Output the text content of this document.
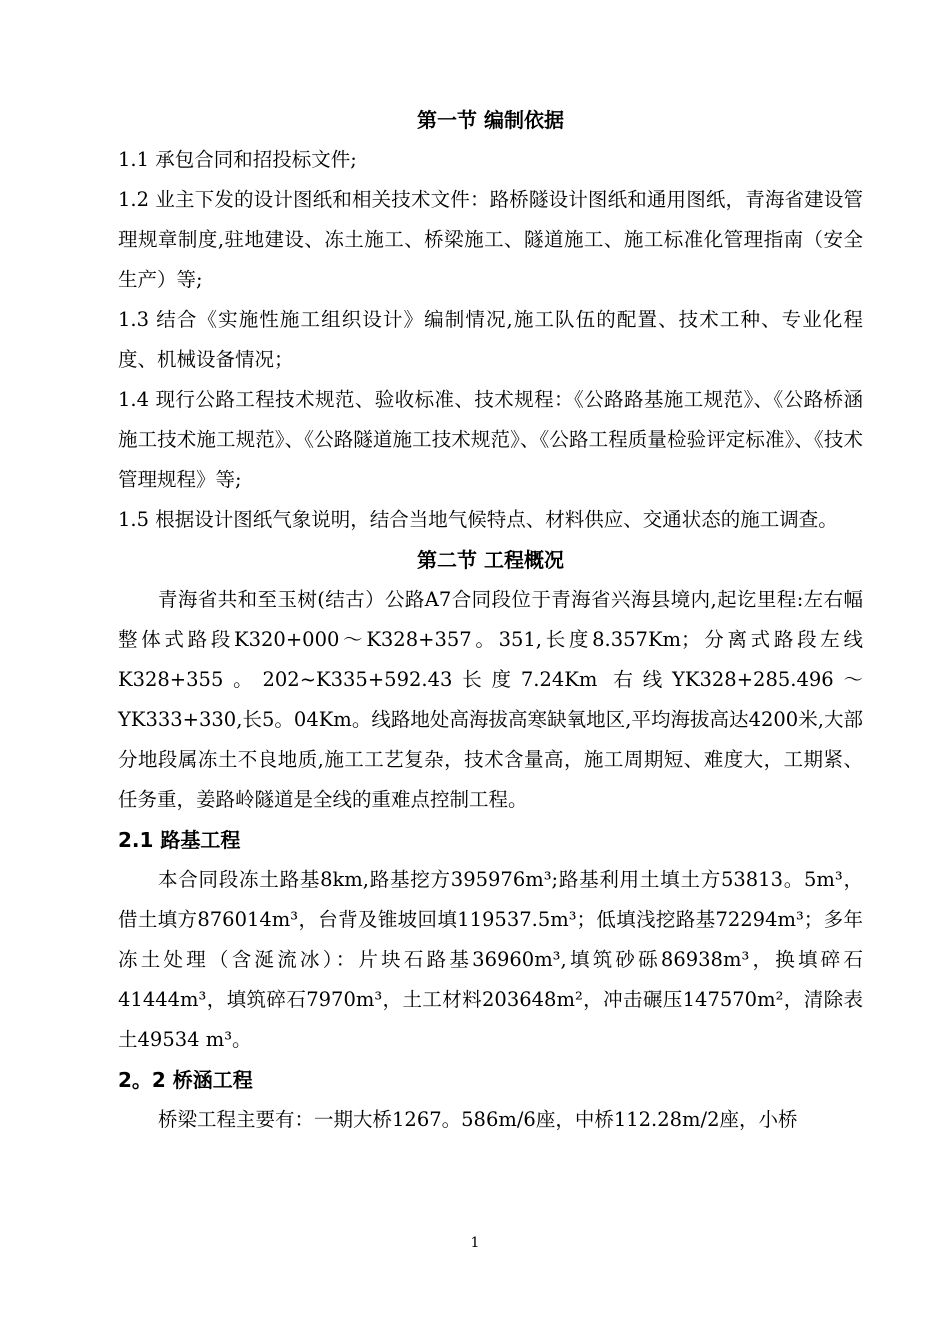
第一节 编制依据

1.1 承包合同和招投标文件;

1.2 业主下发的设计图纸和相关技术文件：路桥隧设计图纸和通用图纸，青海省建设管理规章制度,驻地建设、冻土施工、桥梁施工、隧道施工、施工标准化管理指南（安全生产）等;

1.3 结合《实施性施工组织设计》编制情况,施工队伍的配置、技术工种、专业化程度、机械设备情况；

1.4 现行公路工程技术规范、验收标准、技术规程：《公路路基施工规范》、《公路桥涵施工技术施工规范》、《公路隧道施工技术规范》、《公路工程质量检验评定标准》、《技术管理规程》等;

1.5 根据设计图纸气象说明，结合当地气候特点、材料供应、交通状态的施工调查。

第二节 工程概况

青海省共和至玉树(结古）公路A7合同段位于青海省兴海县境内,起讫里程:左右幅整体式路段K320+000～K328+357。351,长度8.357Km；分离式路段左线K328+355。202~K335+592.43长度7.24Km 右线YK328+285.496～YK333+330,长5。04Km。线路地处高海拔高寒缺氧地区,平均海拔高达4200米,大部分地段属冻土不良地质,施工工艺复杂，技术含量高，施工周期短、难度大，工期紧、任务重，姜路岭隧道是全线的重难点控制工程。

2.1 路基工程

本合同段冻土路基8km,路基挖方395976m³;路基利用土填土方53813。5m³，借土填方876014m³，台背及锥坡回填119537.5m³；低填浅挖路基72294m³；多年冻土处理（含涎流冰）：片块石路基36960m³,填筑砂砾86938m³，换填碎石41444m³，填筑碎石7970m³，土工材料203648m²，冲击碾压147570m²，清除表土49534 m³。

2。2 桥涵工程

桥梁工程主要有：一期大桥1267。586m/6座，中桥112.28m/2座，小桥

1
